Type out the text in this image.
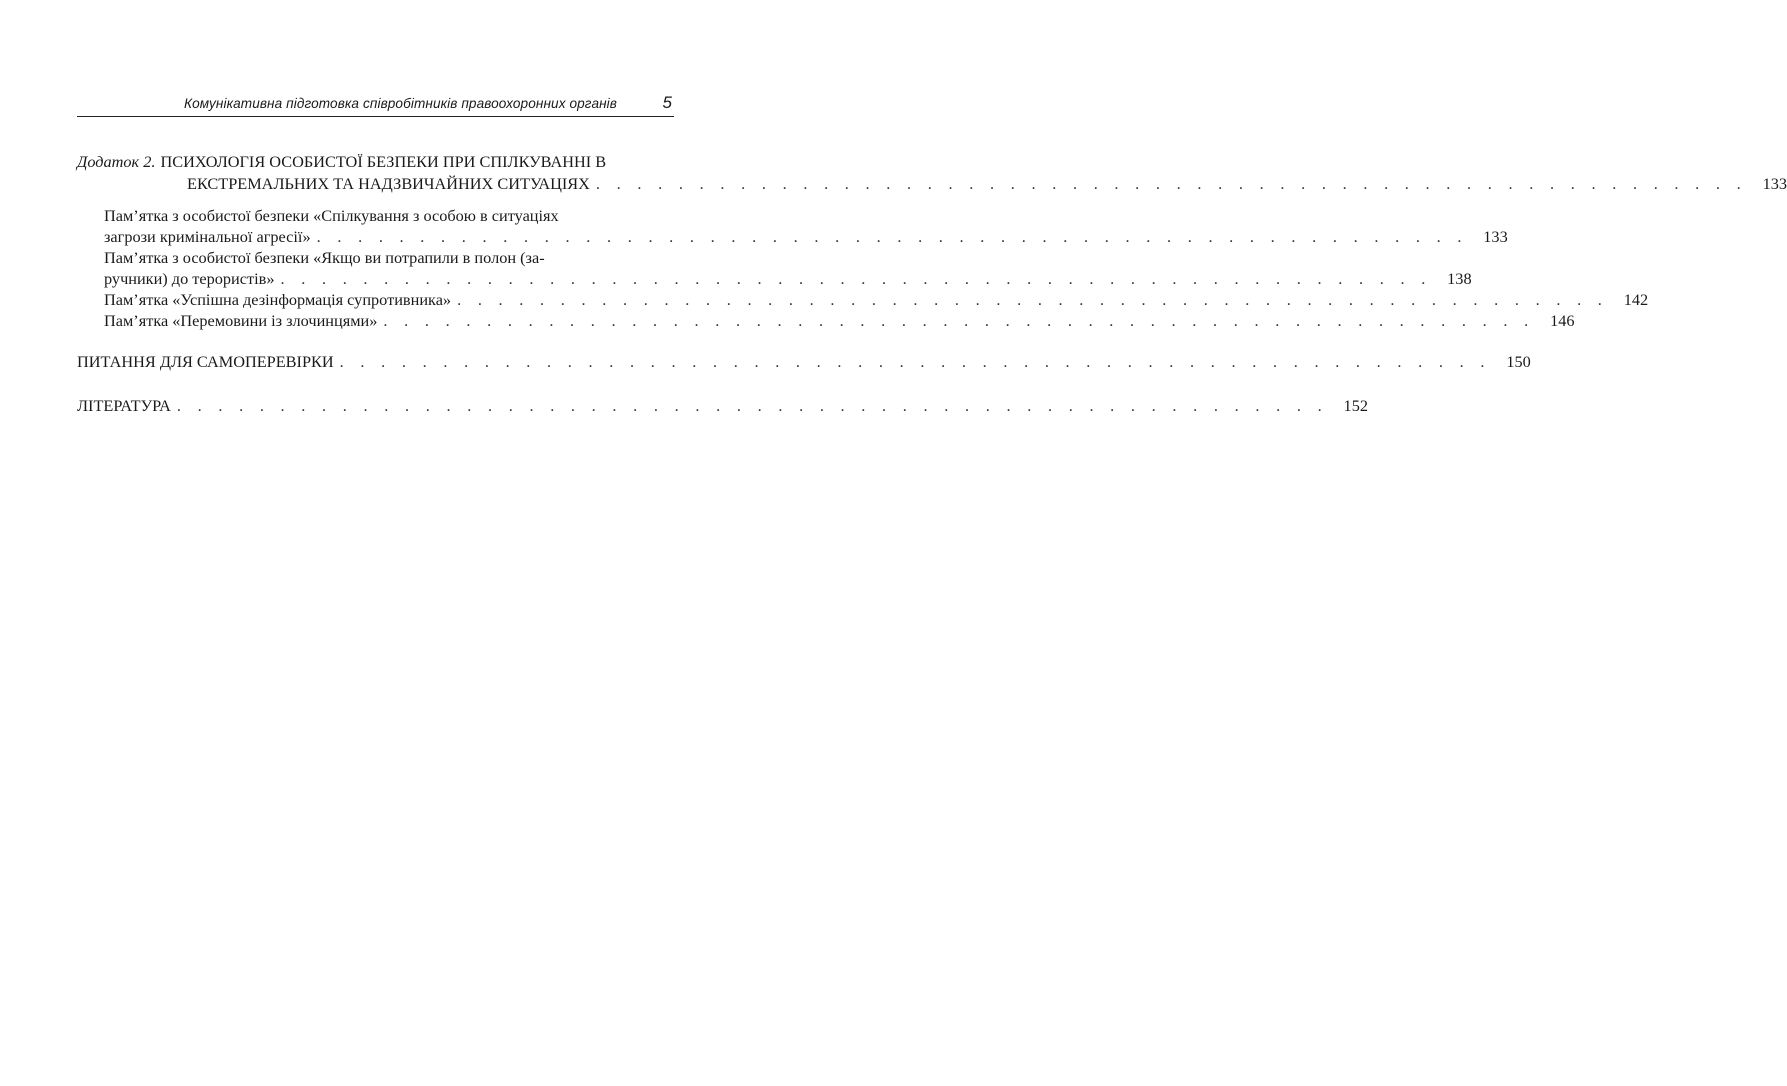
Комунікативна підготовка співробітників правоохоронних органів	5
Додаток 2. ПСИХОЛОГІЯ ОСОБИСТОЇ БЕЗПЕКИ ПРИ СПІЛКУВАННІ В
ЕКСТРЕМАЛЬНИХ ТА НАДЗВИЧАЙНИХ СИТУАЦІЯХ . . . . . . . . . . . . . . . . . . . . . . . . . . . . . . . . . . . . . . . . . . . . . . . . . . . . . . . . 133
Пам’ятка з особистої безпеки «Спілкування з особою в ситуаціях
загрози кримінальної агресії» . . . . . . . . . . . . . . . . . . . . . . . . . . . . . . . . . . . . . . . . . . . . . . . . . . . . . . . . 133
Пам’ятка з особистої безпеки «Якщо ви потрапили в полон (за-
ручники) до терористів» . . . . . . . . . . . . . . . . . . . . . . . . . . . . . . . . . . . . . . . . . . . . . . . . . . . . . . . . 138
Пам’ятка «Успішна дезінформація супротивника» . . . . . . . . . . . . . . . . . . . . . . . . . . . . . . . . . . . . . . . . . . . . . . . . . . . . . . . . 142
Пам’ятка «Перемовини із злочинцями» . . . . . . . . . . . . . . . . . . . . . . . . . . . . . . . . . . . . . . . . . . . . . . . . . . . . . . . . 146
ПИТАННЯ ДЛЯ САМОПЕРЕВІРКИ . . . . . . . . . . . . . . . . . . . . . . . . . . . . . . . . . . . . . . . . . . . . . . . . . . . . . . . . 150
ЛІТЕРАТУРА . . . . . . . . . . . . . . . . . . . . . . . . . . . . . . . . . . . . . . . . . . . . . . . . . . . . . . . . 152
